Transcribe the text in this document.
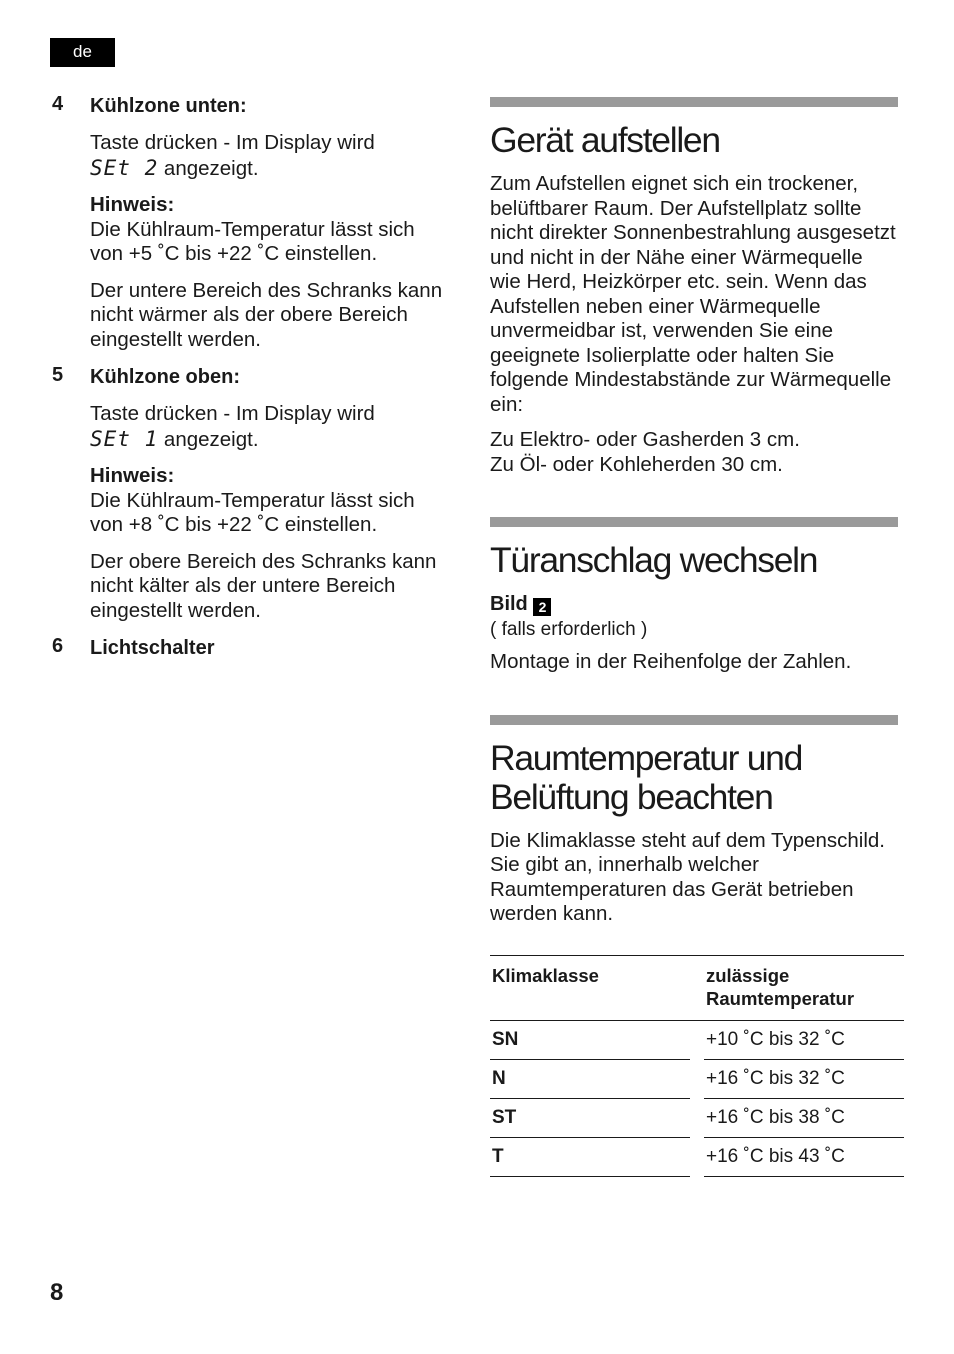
de
4 Kühlzone unten:

Taste drücken - Im Display wird
SEt 2 angezeigt.

Hinweis:
Die Kühlraum-Temperatur lässt sich von +5 ˚C bis +22 ˚C einstellen.

Der untere Bereich des Schranks kann nicht wärmer als der obere Bereich eingestellt werden.

5 Kühlzone oben:

Taste drücken - Im Display wird
SEt 1 angezeigt.

Hinweis:
Die Kühlraum-Temperatur lässt sich von +8 ˚C bis +22 ˚C einstellen.

Der obere Bereich des Schranks kann nicht kälter als der untere Bereich eingestellt werden.

6 Lichtschalter
Gerät aufstellen

Zum Aufstellen eignet sich ein trockener, belüftbarer Raum. Der Aufstellplatz sollte nicht direkter Sonnenbestrahlung ausgesetzt und nicht in der Nähe einer Wärmequelle wie Herd, Heizkörper etc. sein. Wenn das Aufstellen neben einer Wärmequelle unvermeidbar ist, verwenden Sie eine geeignete Isolierplatte oder halten Sie folgende Mindestabstände zur Wärmequelle ein:

Zu Elektro- oder Gasherden 3 cm.
Zu Öl- oder Kohleherden 30 cm.

Türanschlag wechseln

Bild 2
( falls erforderlich )

Montage in der Reihenfolge der Zahlen.

Raumtemperatur und
Belüftung beachten

Die Klimaklasse steht auf dem Typenschild. Sie gibt an, innerhalb welcher Raumtemperaturen das Gerät betrieben werden kann.

Klimaklasse		zulässige
Raumtemperatur
SN		+10 ˚C bis 32 ˚C
N		+16 ˚C bis 32 ˚C
ST		+16 ˚C bis 38 ˚C
T		+16 ˚C bis 43 ˚C
8
